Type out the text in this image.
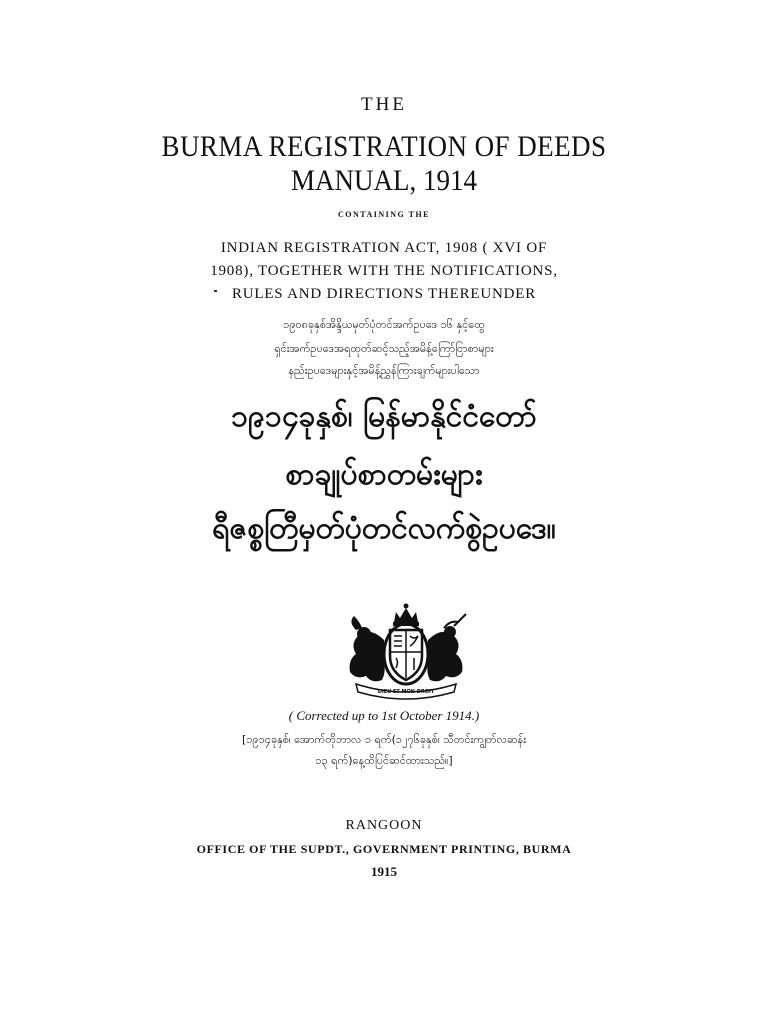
THE
BURMA REGISTRATION OF DEEDS
MANUAL, 1914
CONTAINING THE
INDIAN REGISTRATION ACT, 1908 ( XVI OF
1908), TOGETHER WITH THE NOTIFICATIONS,
RULES AND DIRECTIONS THEREUNDER
၁၉၀၈ခုနှစ်အိန္ဒိယမှတ်ပုံတင်အက်ဥပဒေ ၁၆ နှင့်ထွေ
ရှင်းအက်ဥပဒေအရထုတ်ဆင့်သည့်အမိန့်ကြော်ငြာစာများ
နည်းဥပဒေများနှင့်အမိန့်ညွှန်ကြားချက်များပါသော
၁၉၁၄ခုနှစ်၊ မြန်မာနိုင်ငံတော်
စာချုပ်စာတမ်းများ
ရီဇစ္စတြီမှတ်ပုံတင်လက်စွဲဥပဒေ။
DIEU ET MON DROIT
( Corrected up to 1st October 1914.)
[၁၉၁၄ခုနှစ်၊ အောက်တိုဘာလ ၁ ရက်(၁၂၇၆ခုနှစ်၊ သီတင်းကျွတ်လဆန်း
၁၃ ရက်)နေ့ထိပြင်ဆင်ထားသည်။]
RANGOON
OFFICE OF THE SUPDT., GOVERNMENT PRINTING, BURMA
1915
